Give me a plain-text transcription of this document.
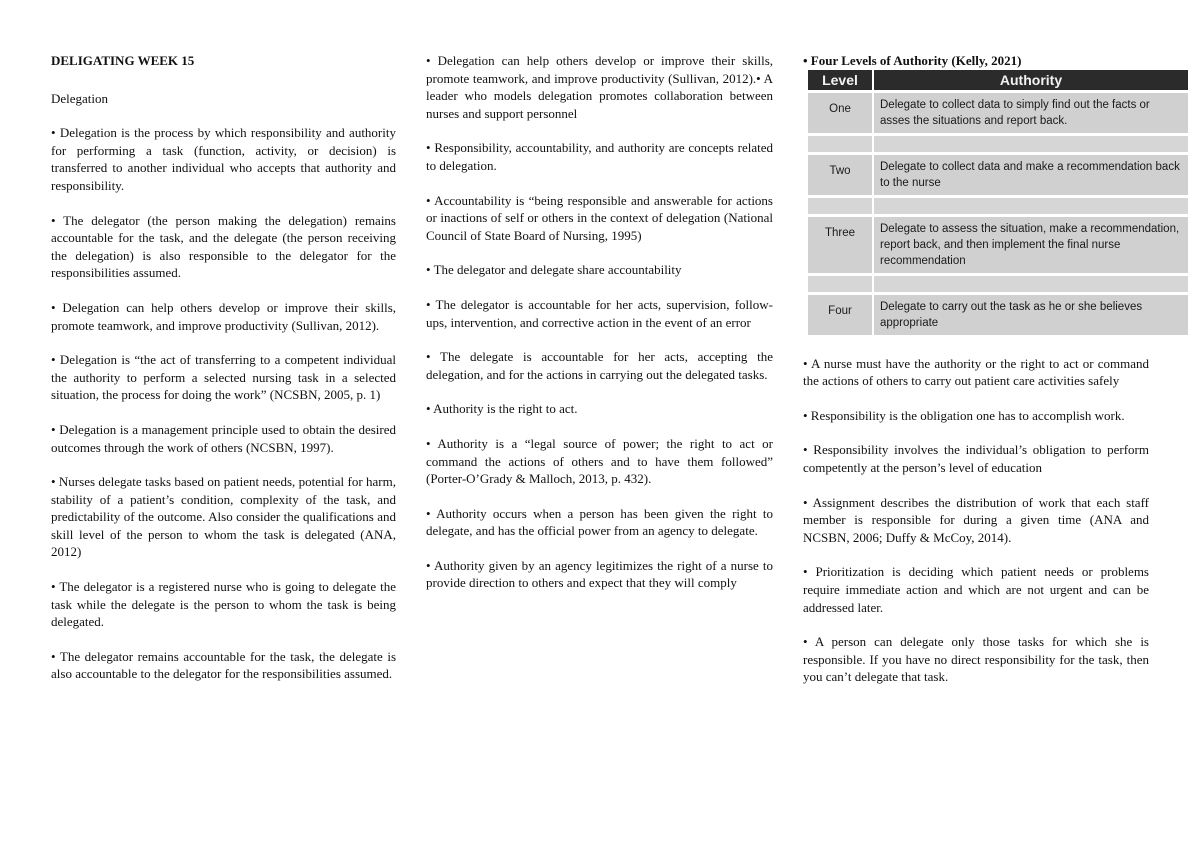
DELIGATING WEEK 15
Delegation

• Delegation is the process by which responsibility and authority for performing a task (function, activity, or decision) is transferred to another individual who accepts that authority and responsibility.

• The delegator (the person making the delegation) remains accountable for the task, and the delegate (the person receiving the delegation) is also responsible to the delegator for the responsibilities assumed.

• Delegation can help others develop or improve their skills, promote teamwork, and improve productivity (Sullivan, 2012).

• Delegation is “the act of transferring to a competent individual the authority to perform a selected nursing task in a selected situation, the process for doing the work” (NCSBN, 2005, p. 1)

• Delegation is a management principle used to obtain the desired outcomes through the work of others (NCSBN, 1997).

• Nurses delegate tasks based on patient needs, potential for harm, stability of a patient’s condition, complexity of the task, and predictability of the outcome. Also consider the qualifications and skill level of the person to whom the task is delegated (ANA, 2012)

• The delegator is a registered nurse who is going to delegate the task while the delegate is the person to whom the task is being delegated.

• The delegator remains accountable for the task, the delegate is also accountable to the delegator for the responsibilities assumed.

• Delegation can help others develop or improve their skills, promote teamwork, and improve productivity (Sullivan, 2012).• A leader who models delegation promotes collaboration between nurses and support personnel

• Responsibility, accountability, and authority are concepts related to delegation.

• Accountability is “being responsible and answerable for actions or inactions of self or others in the context of delegation (National Council of State Board of Nursing, 1995)

• The delegator and delegate share accountability

• The delegator is accountable for her acts, supervision, follow-ups, intervention, and corrective action in the event of an error

• The delegate is accountable for her acts, accepting the delegation, and for the actions in carrying out the delegated tasks.

• Authority is the right to act.

• Authority is a “legal source of power; the right to act or command the actions of others and to have them followed” (Porter-O’Grady & Malloch, 2013, p. 432).

• Authority occurs when a person has been given the right to delegate, and has the official power from an agency to delegate.

• Authority given by an agency legitimizes the right of a nurse to provide direction to others and expect that they will comply

• Four Levels of Authority (Kelly, 2021)
Level	Authority
One	Delegate to collect data to simply find out the facts or asses the situations and report back.

Two	Delegate to collect data and make a recommendation back to the nurse

Three	Delegate to assess the situation, make a recommendation, report back, and then implement the final nurse recommendation

Four	Delegate to carry out the task as he or she believes appropriate

• A nurse must have the authority or the right to act or command the actions of others to carry out patient care activities safely

• Responsibility is the obligation one has to accomplish work.

• Responsibility involves the individual’s obligation to perform competently at the person’s level of education

• Assignment describes the distribution of work that each staff member is responsible for during a given time (ANA and NCSBN, 2006; Duffy & McCoy, 2014).

• Prioritization is deciding which patient needs or problems require immediate action and which are not urgent and can be addressed later.

• A person can delegate only those tasks for which she is responsible. If you have no direct responsibility for the task, then you can’t delegate that task.
